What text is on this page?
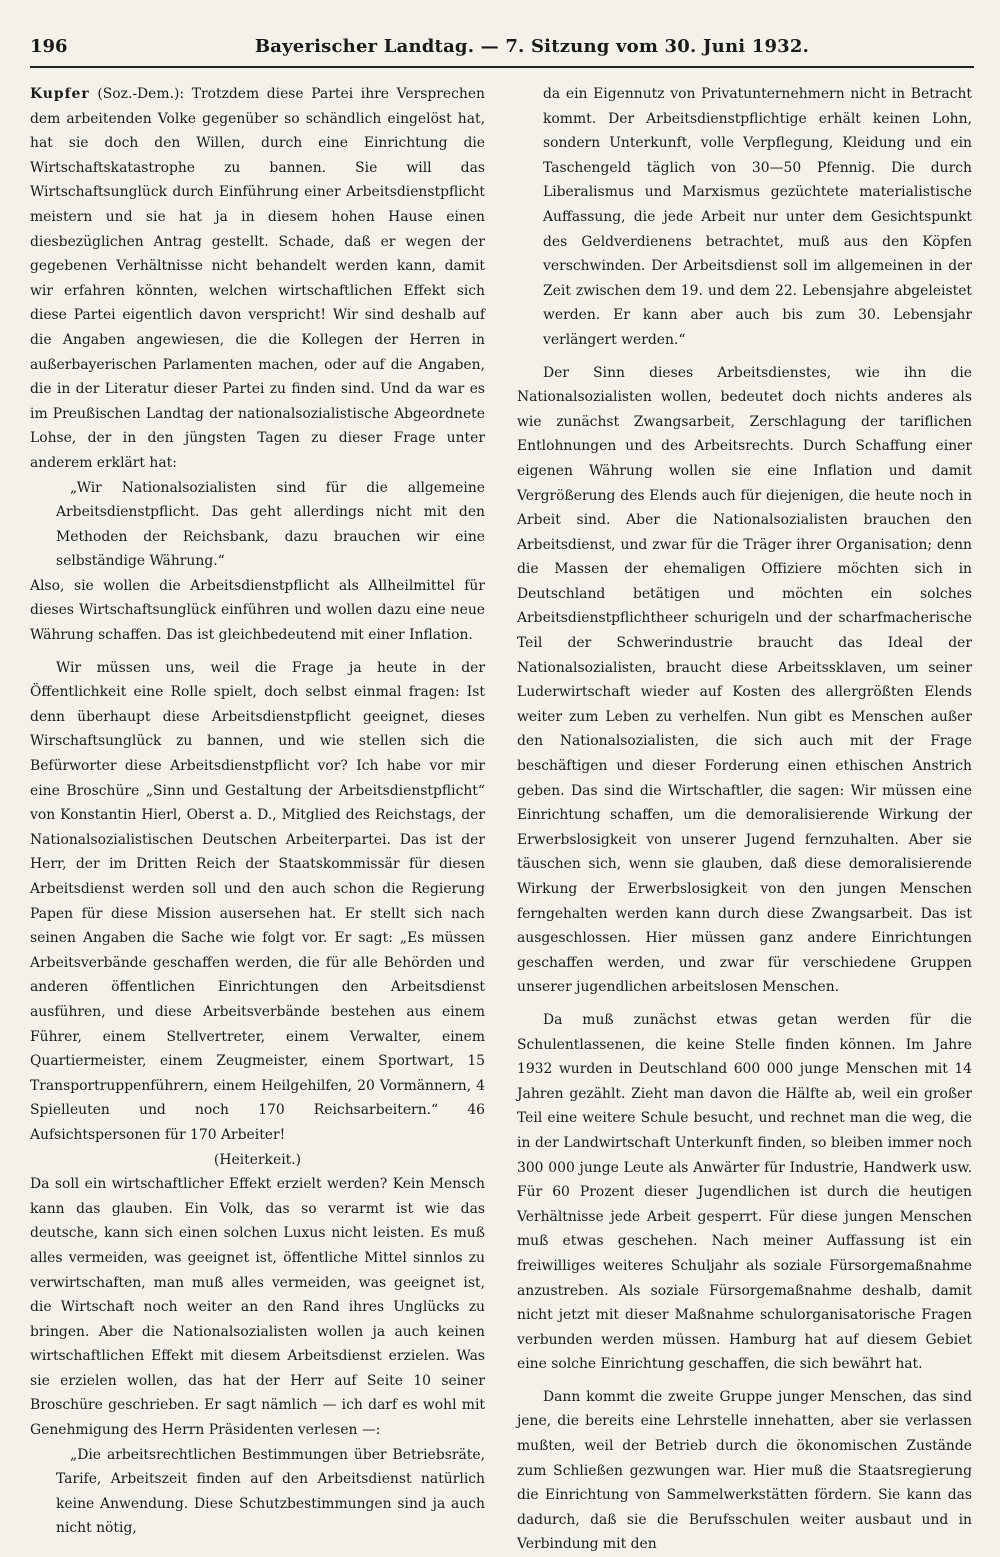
196	Bayerischer Landtag. — 7. Sitzung vom 30. Juni 1932.

Kupfer (Soz.-Dem.): Trotzdem diese Partei ihre Versprechen dem arbeitenden Volke gegenüber so schändlich eingelöst hat, hat sie doch den Willen, durch eine Einrichtung die Wirtschaftskatastrophe zu bannen. Sie will das Wirtschaftsunglück durch Einführung einer Arbeitsdienstpflicht meistern und sie hat ja in diesem hohen Hause einen diesbezüglichen Antrag gestellt. Schade, daß er wegen der gegebenen Verhältnisse nicht behandelt werden kann, damit wir erfahren könnten, welchen wirtschaftlichen Effekt sich diese Partei eigentlich davon verspricht! Wir sind deshalb auf die Angaben angewiesen, die die Kollegen der Herren in außerbayerischen Parlamenten machen, oder auf die Angaben, die in der Literatur dieser Partei zu finden sind. Und da war es im Preußischen Landtag der nationalsozialistische Abgeordnete Lohse, der in den jüngsten Tagen zu dieser Frage unter anderem erklärt hat:

„Wir Nationalsozialisten sind für die allgemeine Arbeitsdienstpflicht. Das geht allerdings nicht mit den Methoden der Reichsbank, dazu brauchen wir eine selbständige Währung.“

Also, sie wollen die Arbeitsdienstpflicht als Allheilmittel für dieses Wirtschaftsunglück einführen und wollen dazu eine neue Währung schaffen. Das ist gleichbedeutend mit einer Inflation.

Wir müssen uns, weil die Frage ja heute in der Öffentlichkeit eine Rolle spielt, doch selbst einmal fragen: Ist denn überhaupt diese Arbeitsdienstpflicht geeignet, dieses Wirschaftsunglück zu bannen, und wie stellen sich die Befürworter diese Arbeitsdienstpflicht vor? Ich habe vor mir eine Broschüre „Sinn und Gestaltung der Arbeitsdienstpflicht“ von Konstantin Hierl, Oberst a. D., Mitglied des Reichstags, der Nationalsozialistischen Deutschen Arbeiterpartei. Das ist der Herr, der im Dritten Reich der Staatskommissär für diesen Arbeitsdienst werden soll und den auch schon die Regierung Papen für diese Mission ausersehen hat. Er stellt sich nach seinen Angaben die Sache wie folgt vor. Er sagt: „Es müssen Arbeitsverbände geschaffen werden, die für alle Behörden und anderen öffentlichen Einrichtungen den Arbeitsdienst ausführen, und diese Arbeitsverbände bestehen aus einem Führer, einem Stellvertreter, einem Verwalter, einem Quartiermeister, einem Zeugmeister, einem Sportwart, 15 Transportruppenführern, einem Heilgehilfen, 20 Vormännern, 4 Spielleuten und noch 170 Reichsarbeitern.“ 46 Aufsichtspersonen für 170 Arbeiter!

(Heiterkeit.)

Da soll ein wirtschaftlicher Effekt erzielt werden? Kein Mensch kann das glauben. Ein Volk, das so verarmt ist wie das deutsche, kann sich einen solchen Luxus nicht leisten. Es muß alles vermeiden, was geeignet ist, öffentliche Mittel sinnlos zu verwirtschaften, man muß alles vermeiden, was geeignet ist, die Wirtschaft noch weiter an den Rand ihres Unglücks zu bringen. Aber die Nationalsozialisten wollen ja auch keinen wirtschaftlichen Effekt mit diesem Arbeitsdienst erzielen. Was sie erzielen wollen, das hat der Herr auf Seite 10 seiner Broschüre geschrieben. Er sagt nämlich — ich darf es wohl mit Genehmigung des Herrn Präsidenten verlesen —:

„Die arbeitsrechtlichen Bestimmungen über Betriebsräte, Tarife, Arbeitszeit finden auf den Arbeitsdienst natürlich keine Anwendung. Diese Schutzbestimmungen sind ja auch nicht nötig,

da ein Eigennutz von Privatunternehmern nicht in Betracht kommt. Der Arbeitsdienstpflichtige erhält keinen Lohn, sondern Unterkunft, volle Verpflegung, Kleidung und ein Taschengeld täglich von 30—50 Pfennig. Die durch Liberalismus und Marxismus gezüchtete materialistische Auffassung, die jede Arbeit nur unter dem Gesichtspunkt des Geldverdienens betrachtet, muß aus den Köpfen verschwinden. Der Arbeitsdienst soll im allgemeinen in der Zeit zwischen dem 19. und dem 22. Lebensjahre abgeleistet werden. Er kann aber auch bis zum 30. Lebensjahr verlängert werden.“

Der Sinn dieses Arbeitsdienstes, wie ihn die Nationalsozialisten wollen, bedeutet doch nichts anderes als wie zunächst Zwangsarbeit, Zerschlagung der tariflichen Entlohnungen und des Arbeitsrechts. Durch Schaffung einer eigenen Währung wollen sie eine Inflation und damit Vergrößerung des Elends auch für diejenigen, die heute noch in Arbeit sind. Aber die Nationalsozialisten brauchen den Arbeitsdienst, und zwar für die Träger ihrer Organisation; denn die Massen der ehemaligen Offiziere möchten sich in Deutschland betätigen und möchten ein solches Arbeitsdienstpflichtheer schurigeln und der scharfmacherische Teil der Schwerindustrie braucht das Ideal der Nationalsozialisten, braucht diese Arbeitssklaven, um seiner Luderwirtschaft wieder auf Kosten des allergrößten Elends weiter zum Leben zu verhelfen. Nun gibt es Menschen außer den Nationalsozialisten, die sich auch mit der Frage beschäftigen und dieser Forderung einen ethischen Anstrich geben. Das sind die Wirtschaftler, die sagen: Wir müssen eine Einrichtung schaffen, um die demoralisierende Wirkung der Erwerbslosigkeit von unserer Jugend fernzuhalten. Aber sie täuschen sich, wenn sie glauben, daß diese demoralisierende Wirkung der Erwerbslosigkeit von den jungen Menschen ferngehalten werden kann durch diese Zwangsarbeit. Das ist ausgeschlossen. Hier müssen ganz andere Einrichtungen geschaffen werden, und zwar für verschiedene Gruppen unserer jugendlichen arbeitslosen Menschen.

Da muß zunächst etwas getan werden für die Schulentlassenen, die keine Stelle finden können. Im Jahre 1932 wurden in Deutschland 600 000 junge Menschen mit 14 Jahren gezählt. Zieht man davon die Hälfte ab, weil ein großer Teil eine weitere Schule besucht, und rechnet man die weg, die in der Landwirtschaft Unterkunft finden, so bleiben immer noch 300 000 junge Leute als Anwärter für Industrie, Handwerk usw. Für 60 Prozent dieser Jugendlichen ist durch die heutigen Verhältnisse jede Arbeit gesperrt. Für diese jungen Menschen muß etwas geschehen. Nach meiner Auffassung ist ein freiwilliges weiteres Schuljahr als soziale Fürsorgemaßnahme anzustreben. Als soziale Fürsorgemaßnahme deshalb, damit nicht jetzt mit dieser Maßnahme schulorganisatorische Fragen verbunden werden müssen. Hamburg hat auf diesem Gebiet eine solche Einrichtung geschaffen, die sich bewährt hat.

Dann kommt die zweite Gruppe junger Menschen, das sind jene, die bereits eine Lehrstelle innehatten, aber sie verlassen mußten, weil der Betrieb durch die ökonomischen Zustände zum Schließen gezwungen war. Hier muß die Staatsregierung die Einrichtung von Sammelwerkstätten fördern. Sie kann das dadurch, daß sie die Berufsschulen weiter ausbaut und in Verbindung mit den
